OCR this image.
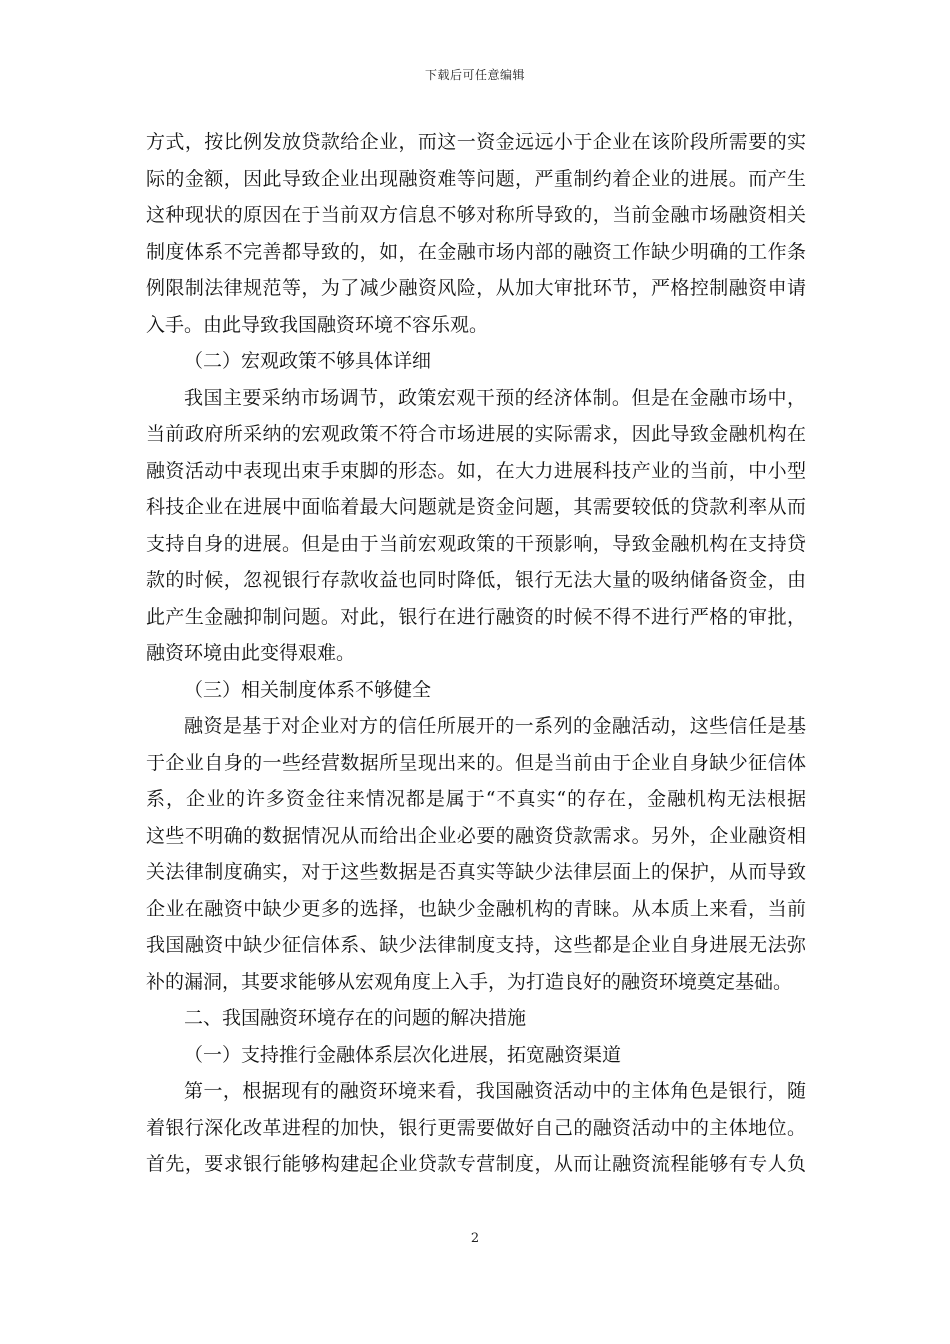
下载后可任意编辑
方式，按比例发放贷款给企业，而这一资金远远小于企业在该阶段所需要的实
际的金额，因此导致企业出现融资难等问题，严重制约着企业的进展。而产生
这种现状的原因在于当前双方信息不够对称所导致的，当前金融市场融资相关
制度体系不完善都导致的，如，在金融市场内部的融资工作缺少明确的工作条
例限制法律规范等，为了减少融资风险，从加大审批环节，严格控制融资申请
入手。由此导致我国融资环境不容乐观。
（二）宏观政策不够具体详细
我国主要采纳市场调节，政策宏观干预的经济体制。但是在金融市场中，
当前政府所采纳的宏观政策不符合市场进展的实际需求，因此导致金融机构在
融资活动中表现出束手束脚的形态。如，在大力进展科技产业的当前，中小型
科技企业在进展中面临着最大问题就是资金问题，其需要较低的贷款利率从而
支持自身的进展。但是由于当前宏观政策的干预影响，导致金融机构在支持贷
款的时候，忽视银行存款收益也同时降低，银行无法大量的吸纳储备资金，由
此产生金融抑制问题。对此，银行在进行融资的时候不得不进行严格的审批，
融资环境由此变得艰难。
（三）相关制度体系不够健全
融资是基于对企业对方的信任所展开的一系列的金融活动，这些信任是基
于企业自身的一些经营数据所呈现出来的。但是当前由于企业自身缺少征信体
系，企业的许多资金往来情况都是属于“不真实“的存在，金融机构无法根据
这些不明确的数据情况从而给出企业必要的融资贷款需求。另外，企业融资相
关法律制度确实，对于这些数据是否真实等缺少法律层面上的保护，从而导致
企业在融资中缺少更多的选择，也缺少金融机构的青睐。从本质上来看，当前
我国融资中缺少征信体系、缺少法律制度支持，这些都是企业自身进展无法弥
补的漏洞，其要求能够从宏观角度上入手，为打造良好的融资环境奠定基础。
二、我国融资环境存在的问题的解决措施
（一）支持推行金融体系层次化进展，拓宽融资渠道
第一，根据现有的融资环境来看，我国融资活动中的主体角色是银行，随
着银行深化改革进程的加快，银行更需要做好自己的融资活动中的主体地位。
首先，要求银行能够构建起企业贷款专营制度，从而让融资流程能够有专人负
2
